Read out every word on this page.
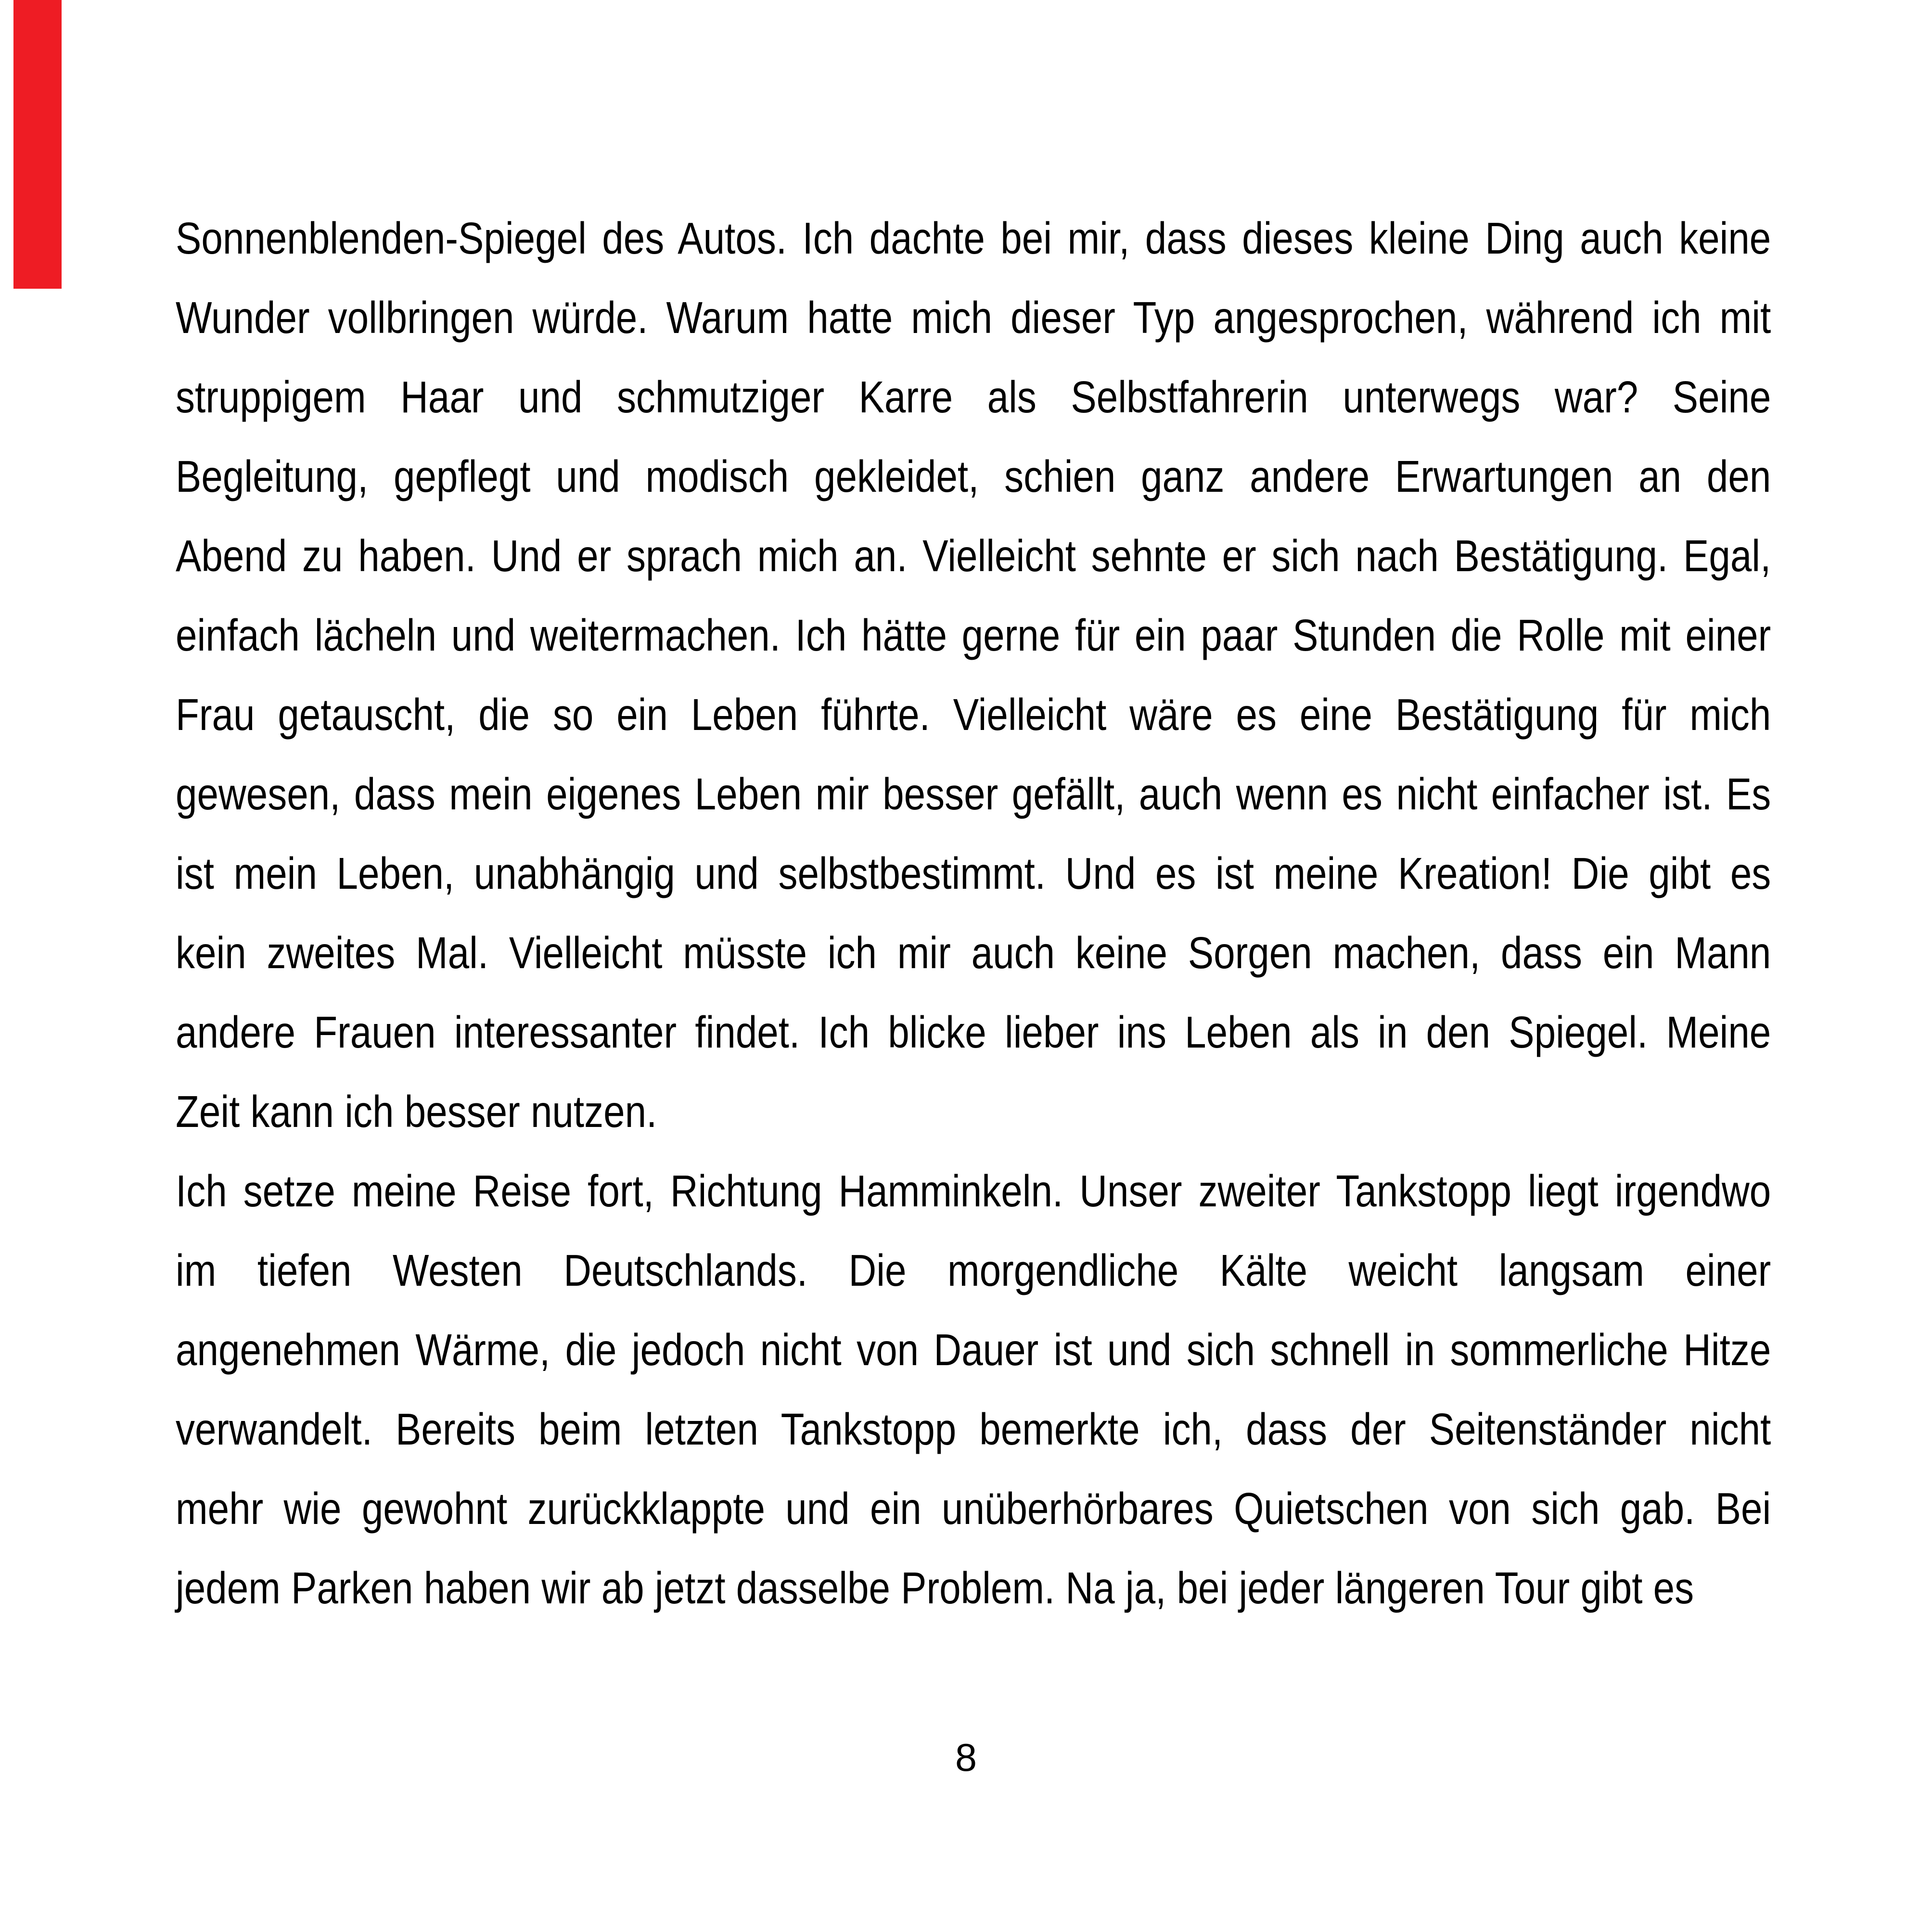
Sonnenblenden-Spiegel des Autos. Ich dachte bei mir, dass dieses kleine Ding auch keine
Wunder vollbringen würde. Warum hatte mich dieser Typ angesprochen, während ich mit
struppigem Haar und schmutziger Karre als Selbstfahrerin unterwegs war? Seine
Begleitung, gepflegt und modisch gekleidet, schien ganz andere Erwartungen an den
Abend zu haben. Und er sprach mich an. Vielleicht sehnte er sich nach Bestätigung. Egal,
einfach lächeln und weitermachen. Ich hätte gerne für ein paar Stunden die Rolle mit einer
Frau getauscht, die so ein Leben führte. Vielleicht wäre es eine Bestätigung für mich
gewesen, dass mein eigenes Leben mir besser gefällt, auch wenn es nicht einfacher ist. Es
ist mein Leben, unabhängig und selbstbestimmt. Und es ist meine Kreation! Die gibt es
kein zweites Mal. Vielleicht müsste ich mir auch keine Sorgen machen, dass ein Mann
andere Frauen interessanter findet. Ich blicke lieber ins Leben als in den Spiegel. Meine
Zeit kann ich besser nutzen.
Ich setze meine Reise fort, Richtung Hamminkeln. Unser zweiter Tankstopp liegt irgendwo
im tiefen Westen Deutschlands. Die morgendliche Kälte weicht langsam einer
angenehmen Wärme, die jedoch nicht von Dauer ist und sich schnell in sommerliche Hitze
verwandelt. Bereits beim letzten Tankstopp bemerkte ich, dass der Seitenständer nicht
mehr wie gewohnt zurückklappte und ein unüberhörbares Quietschen von sich gab. Bei
jedem Parken haben wir ab jetzt dasselbe Problem. Na ja, bei jeder längeren Tour gibt es
8
